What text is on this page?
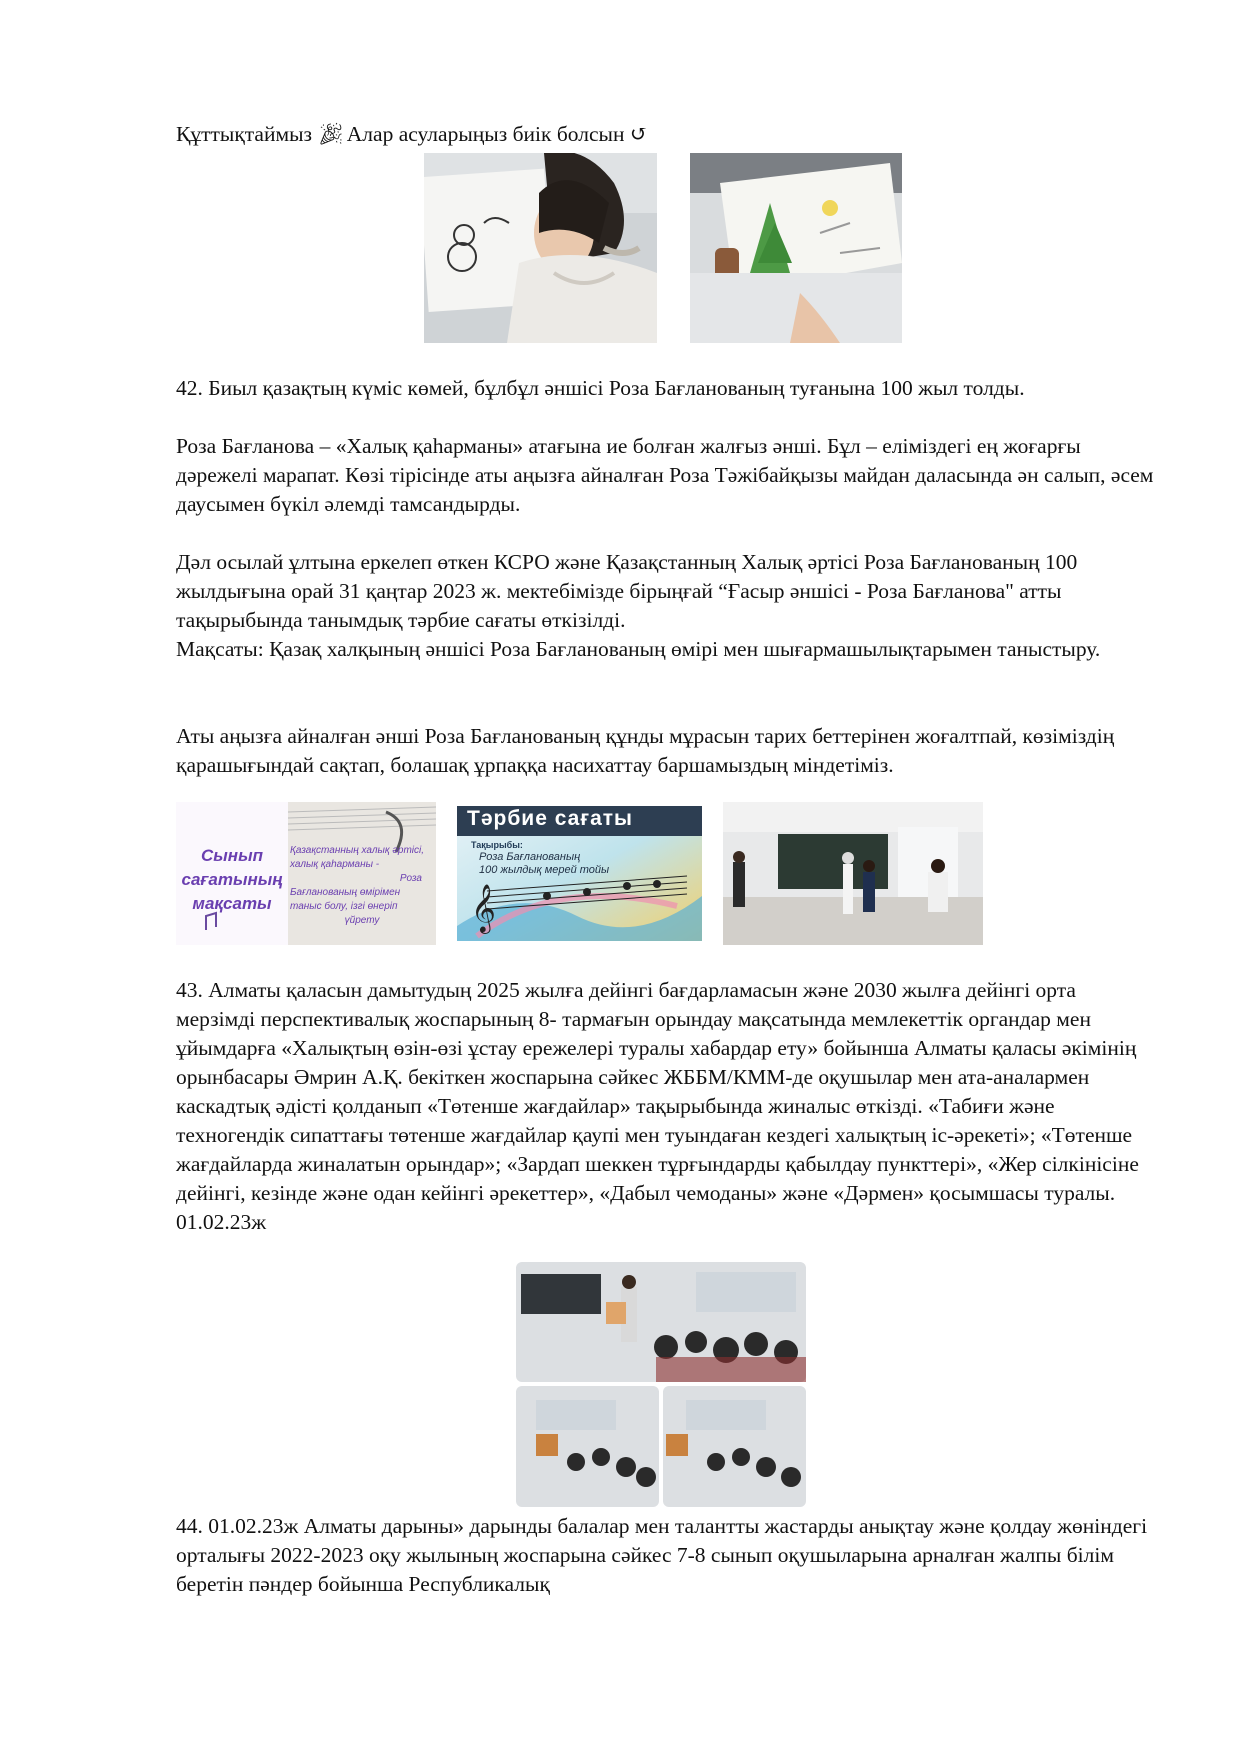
Құттықтаймыз 🎉︎ Алар асуларыңыз биік болсын ↺

42. Биыл қазақтың күміс көмей, бұлбұл әншісі Роза Бағланованың туғанына 100 жыл толды.

Роза Бағланова – «Халық қаһарманы» атағына ие болған жалғыз әнші. Бұл – еліміздегі ең жоғарғы дәрежелі марапат. Көзі тірісінде аты аңызға айналған Роза Тәжібайқызы майдан даласында ән салып, әсем даусымен бүкіл әлемді тамсандырды.

Дәл осылай ұлтына еркелеп өткен КСРО және Қазақстанның Халық әртісі Роза Бағланованың 100 жылдығына орай 31 қаңтар 2023 ж. мектебімізде бірыңғай “Ғасыр әншісі - Роза Бағланова" атты тақырыбында танымдық тәрбие сағаты өткізілді.

Мақсаты: Қазақ халқының әншісі Роза Бағланованың өмірі мен шығармашылықтарымен таныстыру.

Аты аңызға айналған әнші Роза Бағланованың құнды мұрасын тарих беттерінен жоғалтпай, көзіміздің қарашығындай сақтап, болашақ ұрпаққа насихаттау баршамыздың міндетіміз.

Сынып
сағатының
мақсаты
Қазақстанның халық әртісі,
халық қаһарманы -
Роза
Бағланованың өмірімен
таныс болу, ізгі өнеріп
үйрету
Тәрбие сағаты
Тақырыбы:
Роза Бағланованың
100 жылдық мерей тойы
𝄞

43. Алматы қаласын дамытудың 2025 жылға дейінгі бағдарламасын және 2030 жылға дейінгі орта мерзімді перспективалық жоспарының 8- тармағын орындау мақсатында мемлекеттік органдар мен ұйымдарға «Халықтың өзін-өзі ұстау ережелері туралы хабардар ету» бойынша Алматы қаласы әкімінің орынбасары Әмрин А.Қ. бекіткен жоспарына сәйкес ЖББМ/КММ-де оқушылар мен ата-аналармен каскадтық әдісті қолданып «Төтенше жағдайлар» тақырыбында жиналыс өткізді. «Табиғи және техногендік сипаттағы төтенше жағдайлар қаупі мен туындаған кездегі халықтың іс-әрекеті»; «Төтенше жағдайларда жиналатын орындар»; «Зардап шеккен тұрғындарды қабылдау пункттері», «Жер сілкінісіне дейінгі, кезінде және одан кейінгі әрекеттер», «Дабыл чемоданы» және «Дәрмен» қосымшасы туралы. 01.02.23ж

44. 01.02.23ж Алматы дарыны» дарынды балалар мен талантты жастарды анықтау және қолдау жөніндегі орталығы 2022-2023 оқу жылының жоспарына сәйкес 7-8 сынып оқушыларына арналған жалпы білім беретін пәндер бойынша Республикалық
